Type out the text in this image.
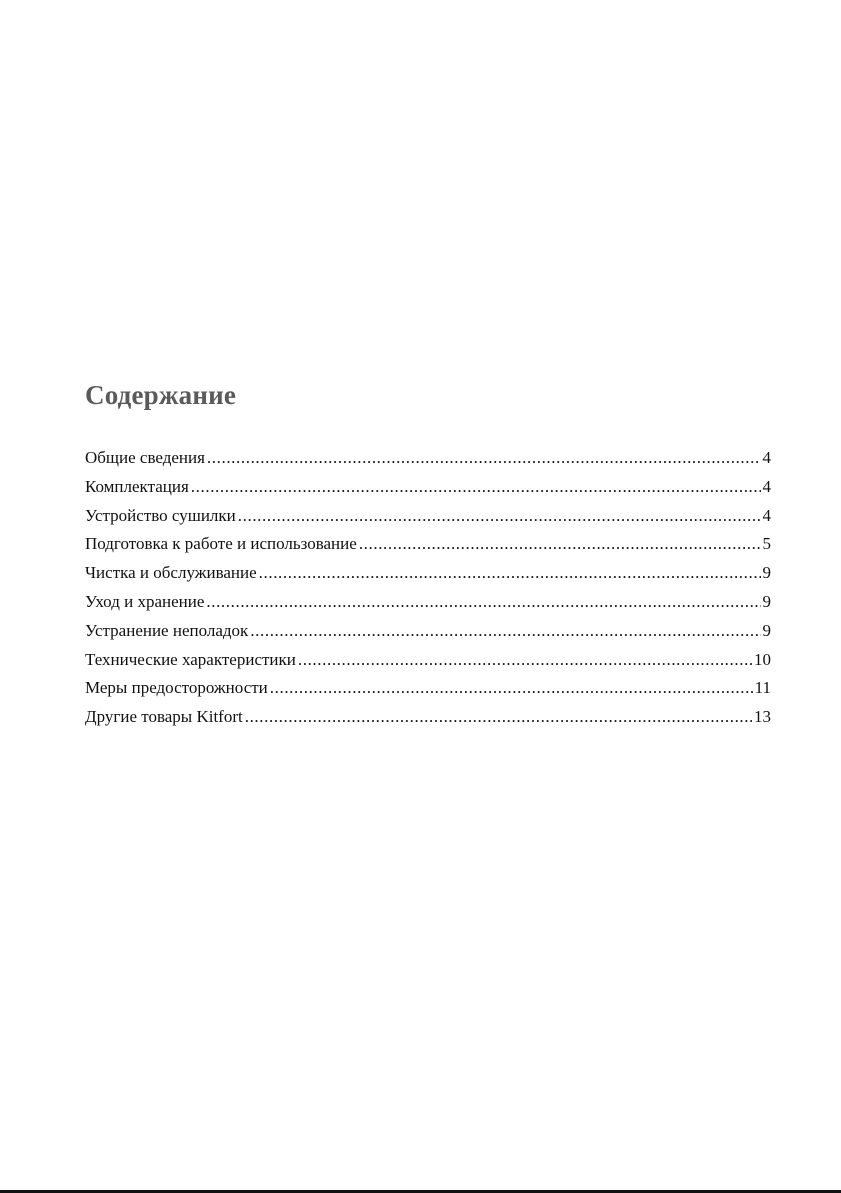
Содержание
Общие сведения .....	4
Комплектация .....	4
Устройство сушилки .....	4
Подготовка к работе и использование .....	5
Чистка и обслуживание .....	9
Уход и хранение .....	9
Устранение неполадок .....	9
Технические характеристики .....	10
Меры предосторожности .....	11
Другие товары Kitfort .....	13
